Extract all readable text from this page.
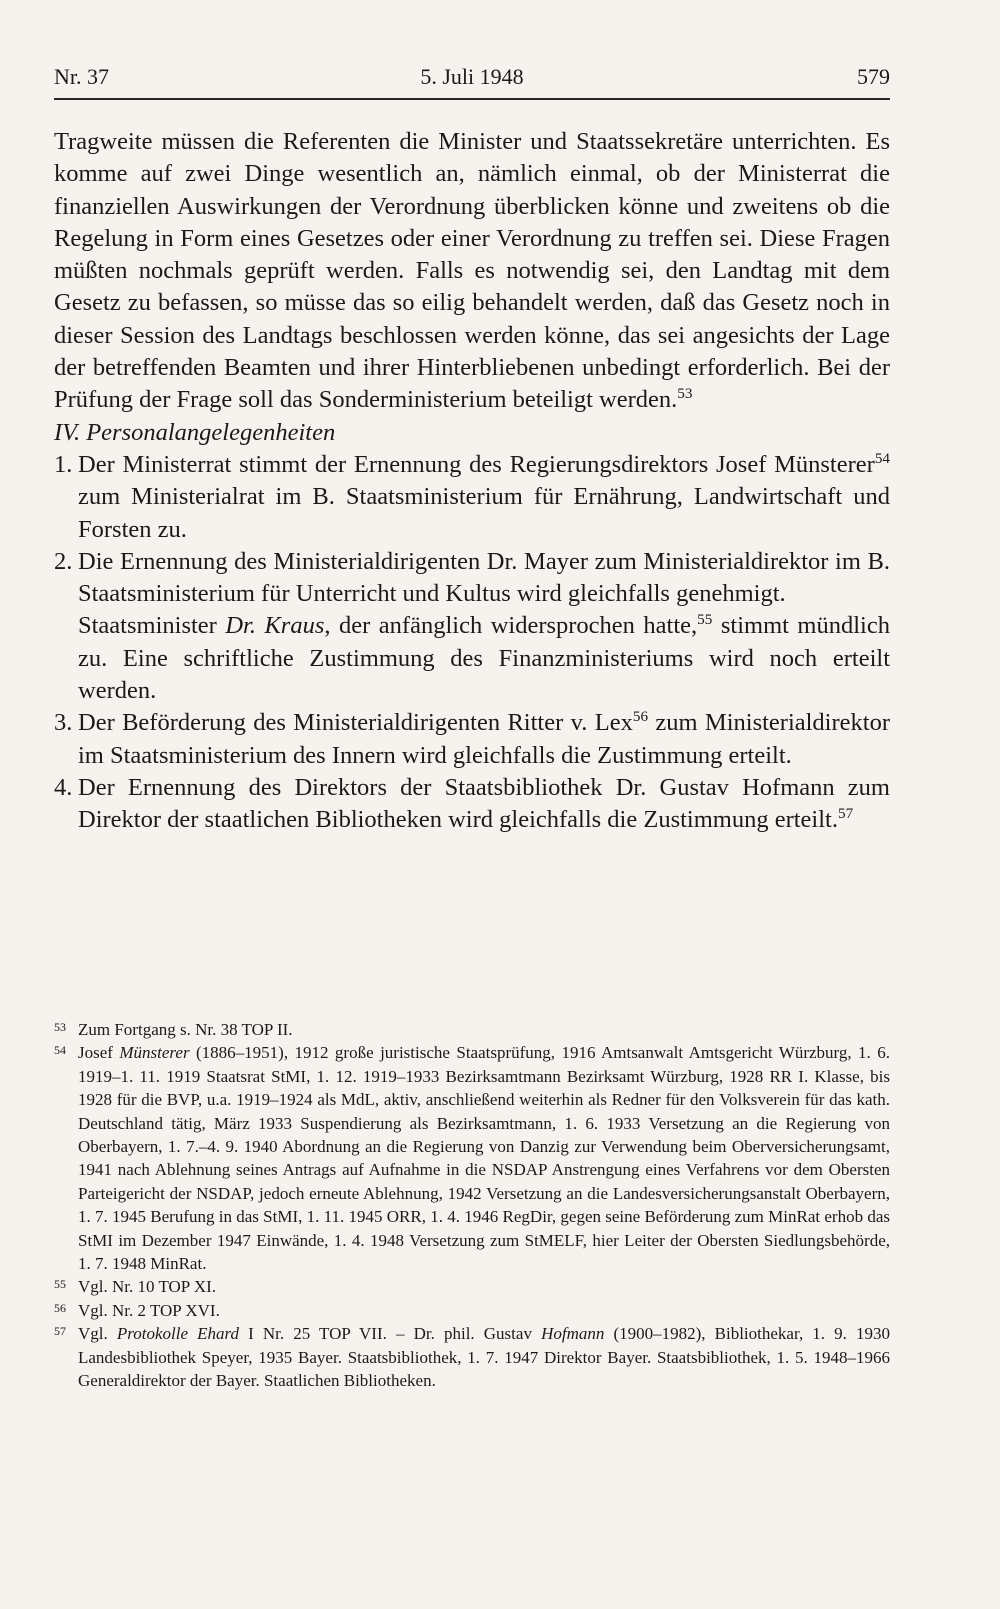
Nr. 37	5. Juli 1948	579

Tragweite müssen die Referenten die Minister und Staatssekretäre unterrichten. Es komme auf zwei Dinge wesentlich an, nämlich einmal, ob der Ministerrat die finanziellen Auswirkungen der Verordnung überblicken könne und zweitens ob die Regelung in Form eines Gesetzes oder einer Verordnung zu treffen sei. Diese Fragen müßten nochmals geprüft werden. Falls es notwendig sei, den Landtag mit dem Gesetz zu befassen, so müsse das so eilig behandelt werden, daß das Gesetz noch in dieser Session des Landtags beschlossen werden könne, das sei angesichts der Lage der betreffenden Beamten und ihrer Hinterbliebenen unbedingt erforderlich. Bei der Prüfung der Frage soll das Sonderministerium beteiligt werden.$^{53}$

IV. Personalangelegenheiten

1. Der Ministerrat stimmt der Ernennung des Regierungsdirektors Josef Münsterer$^{54}$ zum Ministerialrat im B. Staatsministerium für Ernährung, Landwirtschaft und Forsten zu.
2. Die Ernennung des Ministerialdirigenten Dr. Mayer zum Ministerialdirektor im B. Staatsministerium für Unterricht und Kultus wird gleichfalls genehmigt.

Staatsminister Dr. Kraus, der anfänglich widersprochen hatte,$^{55}$ stimmt mündlich zu. Eine schriftliche Zustimmung des Finanzministeriums wird noch erteilt werden.

3. Der Beförderung des Ministerialdirigenten Ritter v. Lex$^{56}$ zum Ministerialdirektor im Staatsministerium des Innern wird gleichfalls die Zustimmung erteilt.
4. Der Ernennung des Direktors der Staatsbibliothek Dr. Gustav Hofmann zum Direktor der staatlichen Bibliotheken wird gleichfalls die Zustimmung erteilt.$^{57}$
53 Zum Fortgang s. Nr. 38 TOP II.
54 Josef Münsterer (1886–1951), 1912 große juristische Staatsprüfung, 1916 Amtsanwalt Amtsgericht Würzburg, 1. 6. 1919–1. 11. 1919 Staatsrat StMI, 1. 12. 1919–1933 Bezirksamtmann Bezirksamt Würzburg, 1928 RR I. Klasse, bis 1928 für die BVP, u.a. 1919–1924 als MdL, aktiv, anschließend weiterhin als Redner für den Volksverein für das kath. Deutschland tätig, März 1933 Suspendierung als Bezirksamtmann, 1. 6. 1933 Versetzung an die Regierung von Oberbayern, 1. 7.–4. 9. 1940 Abordnung an die Regierung von Danzig zur Verwendung beim Oberversicherungsamt, 1941 nach Ablehnung seines Antrags auf Aufnahme in die NSDAP Anstrengung eines Verfahrens vor dem Obersten Parteigericht der NSDAP, jedoch erneute Ablehnung, 1942 Versetzung an die Landesversicherungsanstalt Oberbayern, 1. 7. 1945 Berufung in das StMI, 1. 11. 1945 ORR, 1. 4. 1946 RegDir, gegen seine Beförderung zum MinRat erhob das StMI im Dezember 1947 Einwände, 1. 4. 1948 Versetzung zum StMELF, hier Leiter der Obersten Siedlungsbehörde, 1. 7. 1948 MinRat.
55 Vgl. Nr. 10 TOP XI.
56 Vgl. Nr. 2 TOP XVI.
57 Vgl. Protokolle Ehard I Nr. 25 TOP VII. – Dr. phil. Gustav Hofmann (1900–1982), Bibliothekar, 1. 9. 1930 Landesbibliothek Speyer, 1935 Bayer. Staatsbibliothek, 1. 7. 1947 Direktor Bayer. Staatsbibliothek, 1. 5. 1948–1966 Generaldirektor der Bayer. Staatlichen Bibliotheken.
